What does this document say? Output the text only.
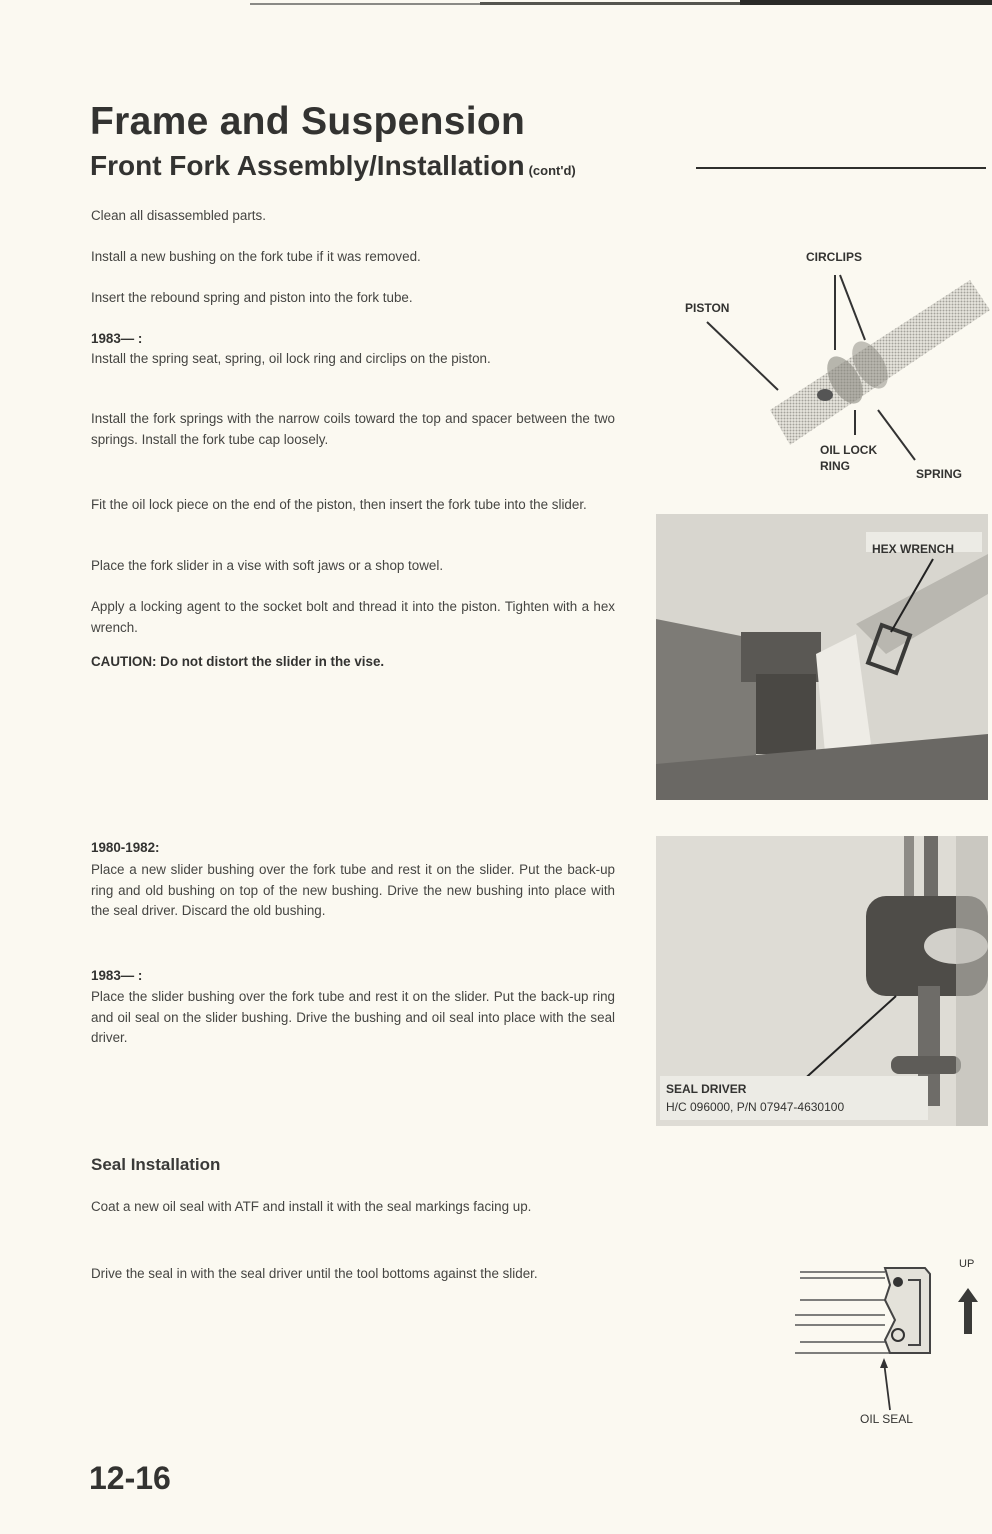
Frame and Suspension
Front Fork Assembly/Installation (cont'd)

Clean all disassembled parts.

Install a new bushing on the fork tube if it was removed.

Insert the rebound spring and piston into the fork tube.

1983— :

Install the spring seat, spring, oil lock ring and circlips on the piston.

Install the fork springs with the narrow coils toward the top and spacer between the two springs. Install the fork tube cap loosely.

Fit the oil lock piece on the end of the piston, then insert the fork tube into the slider.

Place the fork slider in a vise with soft jaws or a shop towel.

Apply a locking agent to the socket bolt and thread it into the piston. Tighten with a hex wrench.

CAUTION: Do not distort the slider in the vise.

1980-1982:

Place a new slider bushing over the fork tube and rest it on the slider. Put the back-up ring and old bushing on top of the new bushing. Drive the new bushing into place with the seal driver. Discard the old bushing.

1983— :

Place the slider bushing over the fork tube and rest it on the slider. Put the back-up ring and oil seal on the slider bushing. Drive the bushing and oil seal into place with the seal driver.

Seal Installation

Coat a new oil seal with ATF and install it with the seal markings facing up.

Drive the seal in with the seal driver until the tool bottoms against the slider.

CIRCLIPS
PISTON
OIL LOCK
RING
SPRING
HEX WRENCH
SEAL DRIVER
H/C 096000, P/N 07947-4630100
UP
OIL SEAL
12-16
